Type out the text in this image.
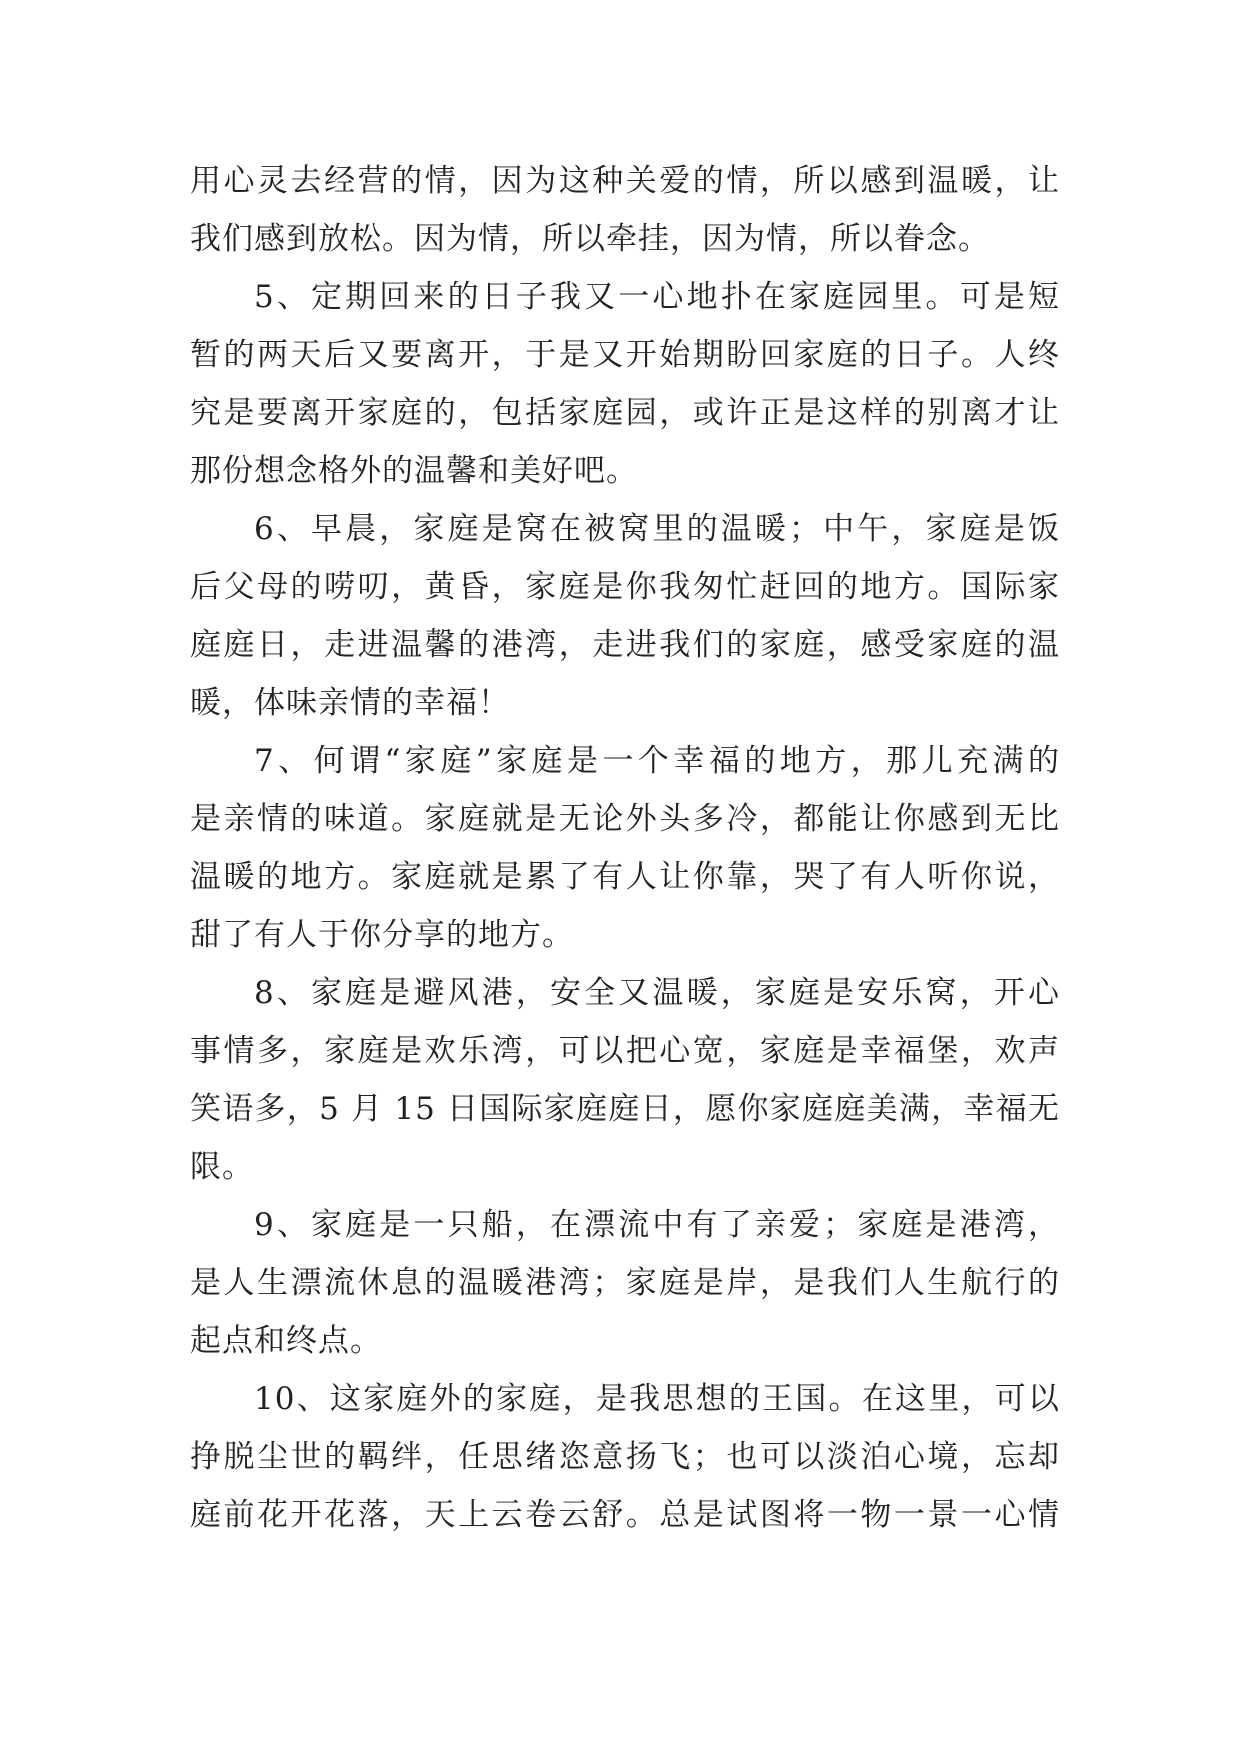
用心灵去经营的情，因为这种关爱的情，所以感到温暖，让
我们感到放松。因为情，所以牵挂，因为情，所以眷念。
5、定期回来的日子我又一心地扑在家庭园里。可是短
暂的两天后又要离开，于是又开始期盼回家庭的日子。人终
究是要离开家庭的，包括家庭园，或许正是这样的别离才让
那份想念格外的温馨和美好吧。
6、早晨，家庭是窝在被窝里的温暖；中午，家庭是饭
后父母的唠叨，黄昏，家庭是你我匆忙赶回的地方。国际家
庭庭日，走进温馨的港湾，走进我们的家庭，感受家庭的温
暖，体味亲情的幸福！
7、何谓“家庭”家庭是一个幸福的地方，那儿充满的
是亲情的味道。家庭就是无论外头多冷，都能让你感到无比
温暖的地方。家庭就是累了有人让你靠，哭了有人听你说，
甜了有人于你分享的地方。
8、家庭是避风港，安全又温暖，家庭是安乐窝，开心
事情多，家庭是欢乐湾，可以把心宽，家庭是幸福堡，欢声
笑语多，5 月 15 日国际家庭庭日，愿你家庭庭美满，幸福无
限。
9、家庭是一只船，在漂流中有了亲爱；家庭是港湾，
是人生漂流休息的温暖港湾；家庭是岸，是我们人生航行的
起点和终点。
10、这家庭外的家庭，是我思想的王国。在这里，可以
挣脱尘世的羁绊，任思绪恣意扬飞；也可以淡泊心境，忘却
庭前花开花落，天上云卷云舒。总是试图将一物一景一心情
